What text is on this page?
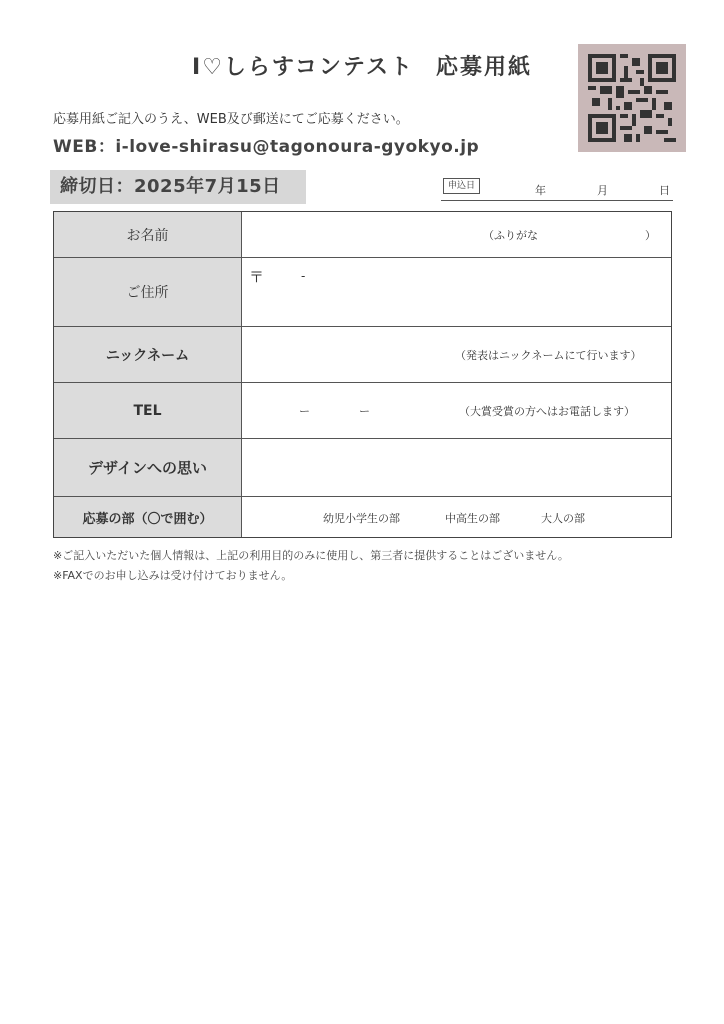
I♡しらすコンテスト 応募用紙
応募用紙ご記入のうえ、WEB及び郵送にてご応募ください。
WEB：i-love-shirasu@tagonoura-gyokyo.jp
締切日：2025年7月15日	申込日	年	月	日
お名前	（ふりがな	）
ご住所
〒	-
ニックネーム	（発表はニックネームにて行います）
TEL	ー	ー	（大賞受賞の方へはお電話します）
デザインへの思い
応募の部（〇で囲む）	幼児小学生の部	中高生の部	大人の部
※ご記入いただいた個人情報は、上記の利用目的のみに使用し、第三者に提供することはございません。
※FAXでのお申し込みは受け付けておりません。
